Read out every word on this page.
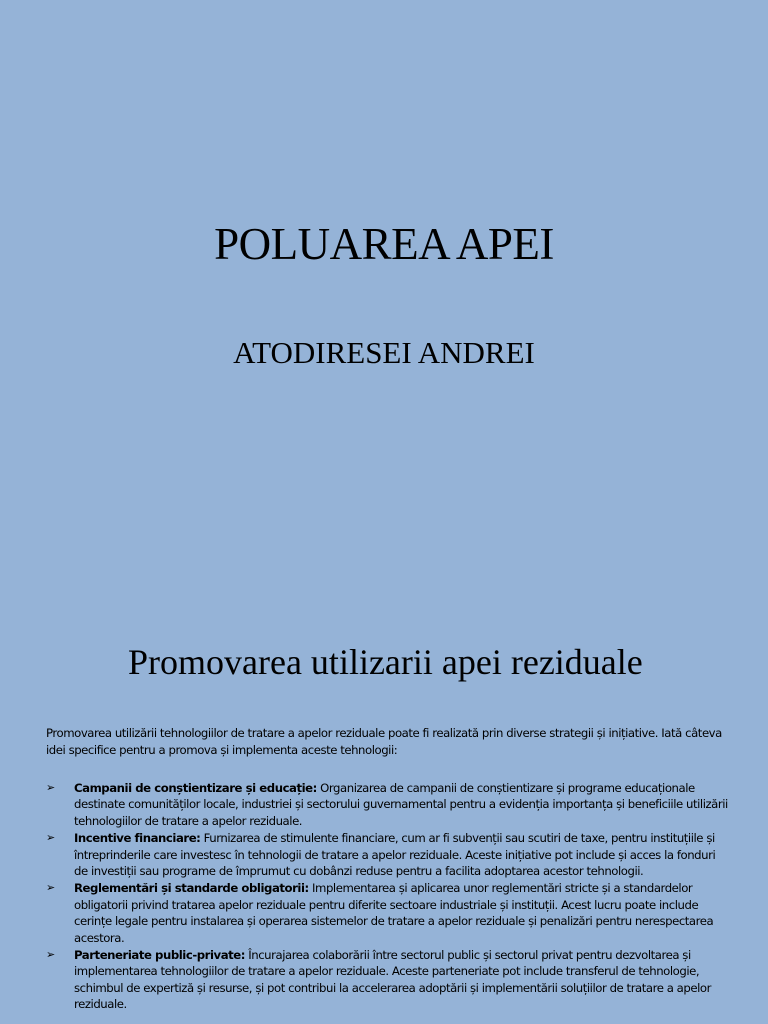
POLUAREA APEI
ATODIRESEI ANDREI
Promovarea utilizarii apei reziduale

Promovarea utilizării tehnologiilor de tratare a apelor reziduale poate fi realizată prin diverse strategii și inițiative. Iată câteva idei specifice pentru a promova și implementa aceste tehnologii:

➢ Campanii de conștientizare și educație: Organizarea de campanii de conștientizare și programe educaționale destinate comunităților locale, industriei și sectorului guvernamental pentru a evidenția importanța și beneficiile utilizării tehnologiilor de tratare a apelor reziduale.
➢ Incentive financiare: Furnizarea de stimulente financiare, cum ar fi subvenții sau scutiri de taxe, pentru instituțiile și întreprinderile care investesc în tehnologii de tratare a apelor reziduale. Aceste inițiative pot include și acces la fonduri de investiții sau programe de împrumut cu dobânzi reduse pentru a facilita adoptarea acestor tehnologii.
➢ Reglementări și standarde obligatorii: Implementarea și aplicarea unor reglementări stricte și a standardelor obligatorii privind tratarea apelor reziduale pentru diferite sectoare industriale și instituții. Acest lucru poate include cerințe legale pentru instalarea și operarea sistemelor de tratare a apelor reziduale și penalizări pentru nerespectarea acestora.
➢ Parteneriate public-private: Încurajarea colaborării între sectorul public și sectorul privat pentru dezvoltarea și implementarea tehnologiilor de tratare a apelor reziduale. Aceste parteneriate pot include transferul de tehnologie, schimbul de expertiză și resurse, și pot contribui la accelerarea adoptării și implementării soluțiilor de tratare a apelor reziduale.
